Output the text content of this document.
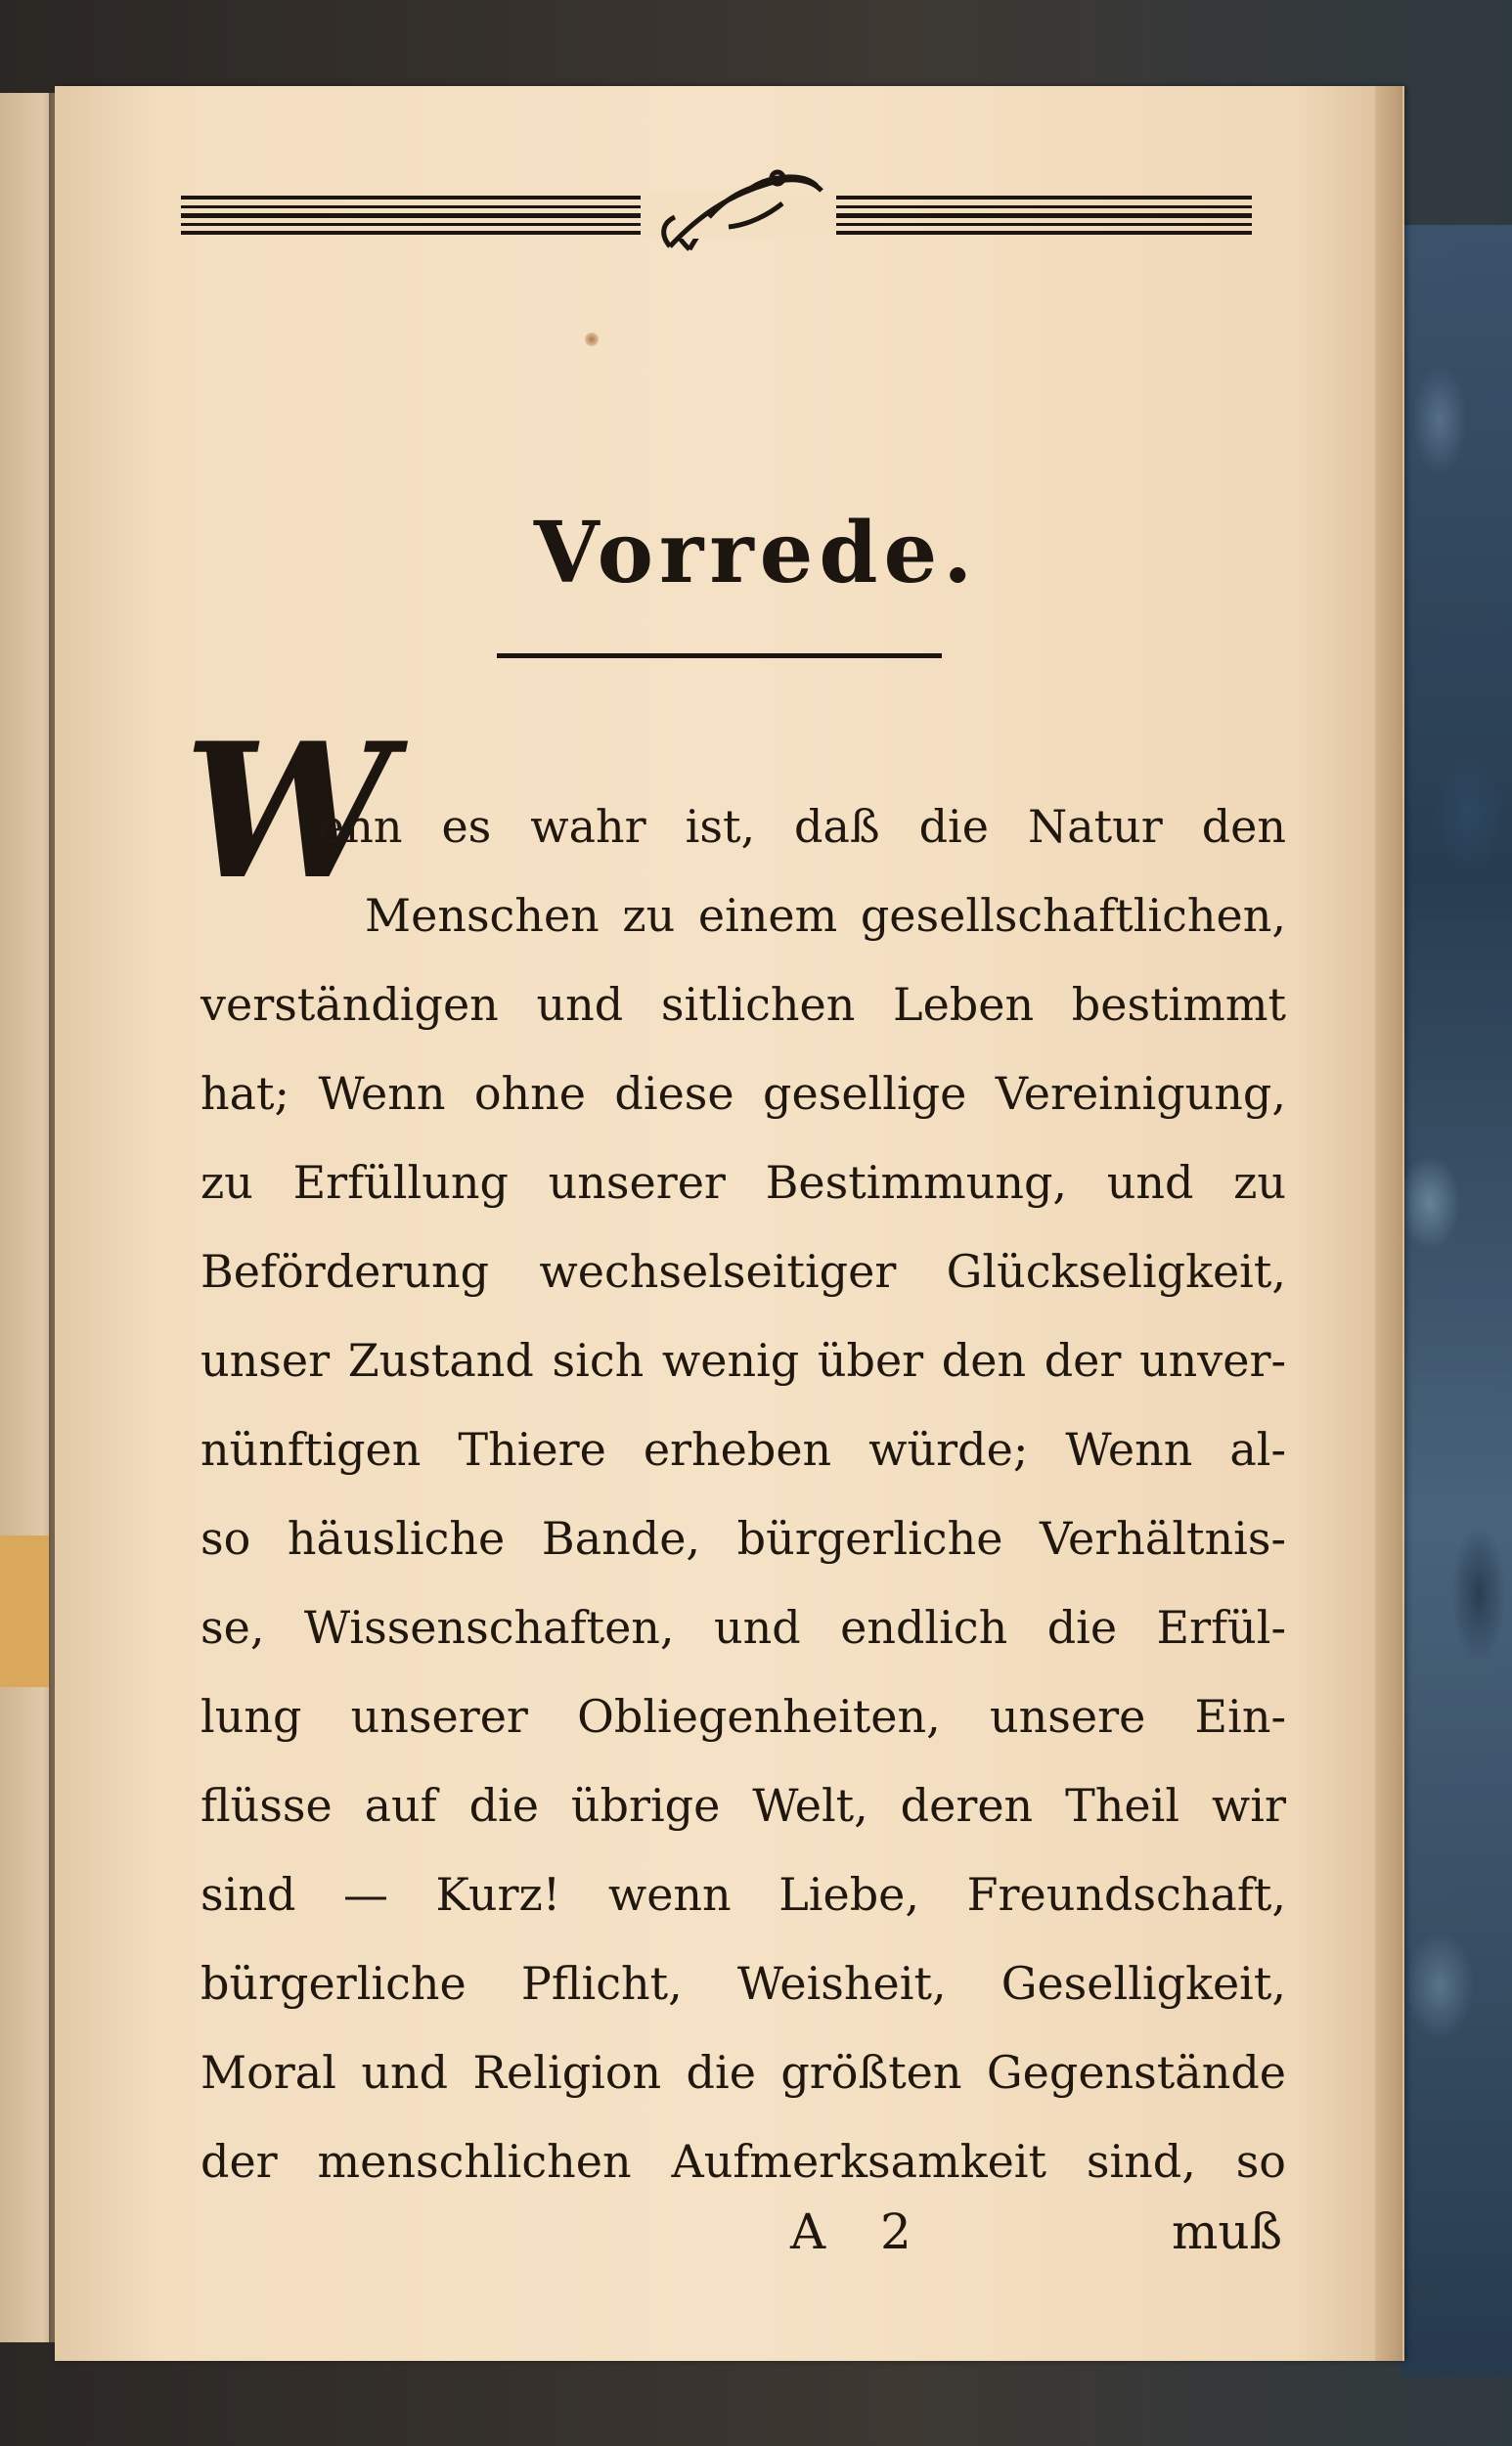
Vorrede.
W
enn es wahr ist, daß die Natur den
Menschen zu einem gesellschaftlichen,
verständigen und sitlichen Leben bestimmt
hat; Wenn ohne diese gesellige Vereinigung,
zu Erfüllung unserer Bestimmung, und zu
Beförderung wechselseitiger Glückseligkeit,
unser Zustand sich wenig über den der unver-
nünftigen Thiere erheben würde; Wenn al-
so häusliche Bande, bürgerliche Verhältnis-
se, Wissenschaften, und endlich die Erfül-
lung unserer Obliegenheiten, unsere Ein-
flüsse auf die übrige Welt, deren Theil wir
sind — Kurz! wenn Liebe, Freundschaft,
bürgerliche Pflicht, Weisheit, Geselligkeit,
Moral und Religion die größten Gegenstände
der menschlichen Aufmerksamkeit sind, so
A 2	muß
